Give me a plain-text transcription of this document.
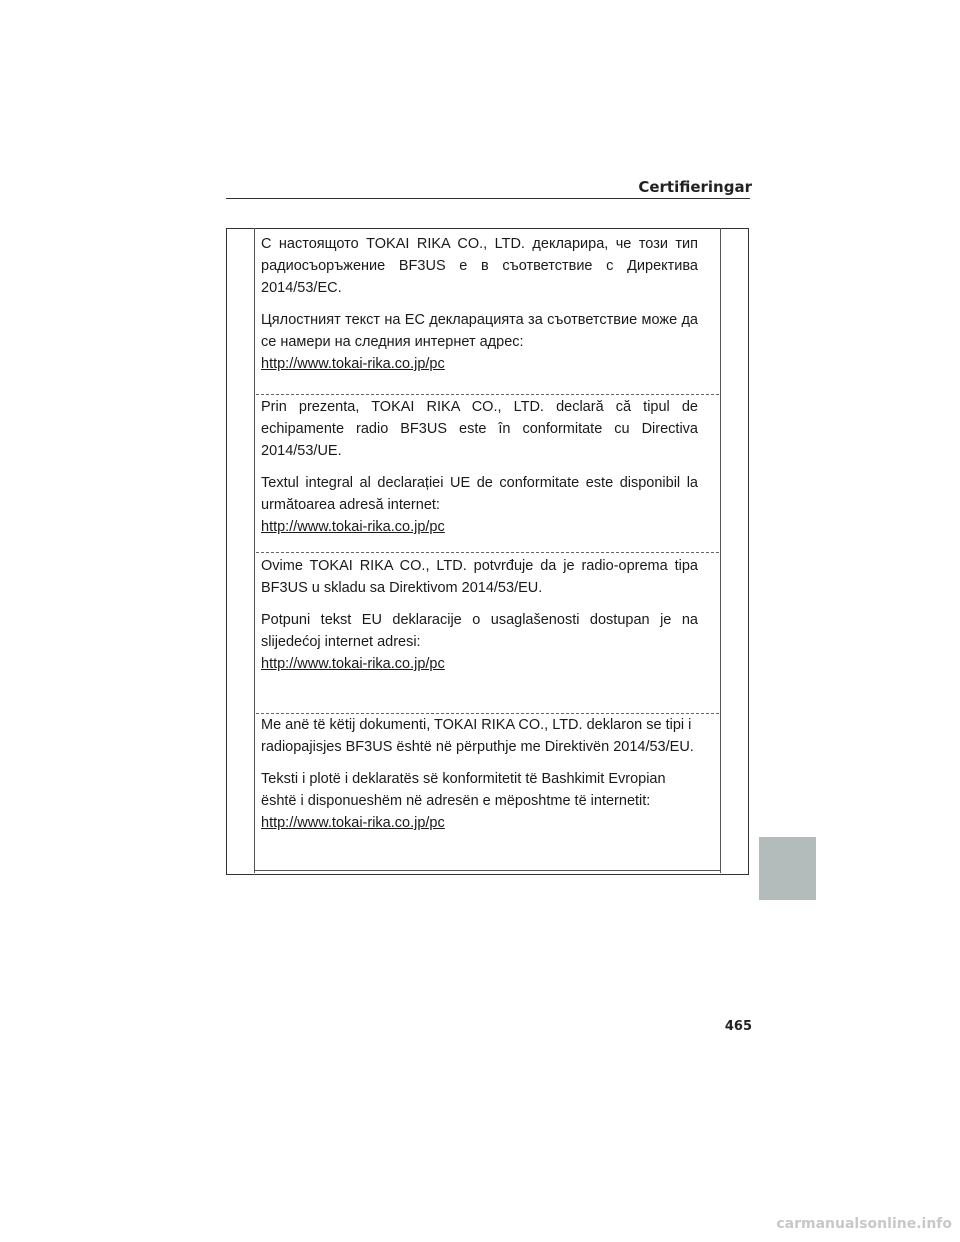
Certifieringar

С настоящото TOKAI RIKA CO., LTD. декларира, че този тип радиосъоръжение BF3US е в съответствие с Директива 2014/53/ЕС.

Цялостният текст на ЕС декларацията за съответствие може да се намери на следния интернет адрес:

http://www.tokai-rika.co.jp/pc

Prin prezenta, TOKAI RIKA CO., LTD. declară că tipul de echipamente radio BF3US este în conformitate cu Directiva 2014/53/UE.

Textul integral al declarației UE de conformitate este disponibil la următoarea adresă internet:

http://www.tokai-rika.co.jp/pc

Ovime TOKAI RIKA CO., LTD. potvrđuje da je radio-oprema tipa BF3US u skladu sa Direktivom 2014/53/EU.

Potpuni tekst EU deklaracije o usaglašenosti dostupan je na slijedećoj internet adresi:

http://www.tokai-rika.co.jp/pc

Me anë të këtij dokumenti, TOKAI RIKA CO., LTD. deklaron se tipi i radiopajisjes BF3US është në përputhje me Direktivën 2014/53/EU.

Teksti i plotë i deklaratës së konformitetit të Bashkimit Evropian është i disponueshëm në adresën e mëposhtme të internetit:

http://www.tokai-rika.co.jp/pc
465
carmanualsonline.info
